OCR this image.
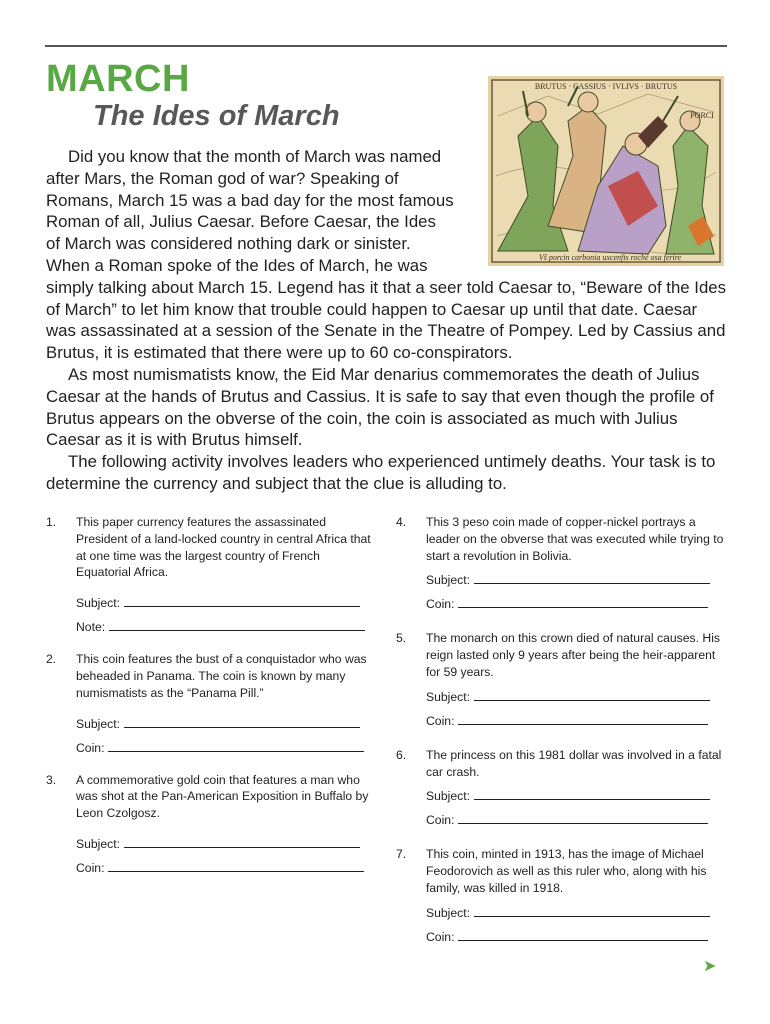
MARCH
The Ides of March
BRUTUS · CASSIUS · IVLIVS · BRUTUS
PORCI
Vš porcin carbonia uxcenfis roché osa ferire

Did you know that the month of March was named
after Mars, the Roman god of war? Speaking of
Romans, March 15 was a bad day for the most famous
Roman of all, Julius Caesar. Before Caesar, the Ides
of March was considered nothing dark or sinister.
When a Roman spoke of the Ides of March, he was
simply talking about March 15. Legend has it that a seer told Caesar to, “Beware of the Ides of March” to let him know that trouble could happen to Caesar up until that date. Caesar was assassinated at a session of the Senate in the Theatre of Pompey. Led by Cassius and Brutus, it is estimated that there were up to 60 co-conspirators.

As most numismatists know, the Eid Mar denarius commemorates the death of Julius Caesar at the hands of Brutus and Cassius. It is safe to say that even though the profile of Brutus appears on the obverse of the coin, the coin is associated as much with Julius Caesar as it is with Brutus himself.

The following activity involves leaders who experienced untimely deaths. Your task is to determine the currency and subject that the clue is alluding to.

1. This paper currency features the assassinated President of a land-locked country in central Africa that at one time was the largest country of French Equatorial Africa.

Subject:
Note:
2. This coin features the bust of a conquistador who was beheaded in Panama. The coin is known by many numismatists as the “Panama Pill.”

Subject:
Coin:
3. A commemorative gold coin that features a man who was shot at the Pan-American Exposition in Buffalo by Leon Czolgosz.

Subject:
Coin:
4. This 3 peso coin made of copper-nickel portrays a leader on the obverse that was executed while trying to start a revolution in Bolivia.

Subject:
Coin:
5. The monarch on this crown died of natural causes. His reign lasted only 9 years after being the heir-apparent for 59 years.

Subject:
Coin:
6. The princess on this 1981 dollar was involved in a fatal car crash.

Subject:
Coin:
7. This coin, minted in 1913, has the image of Michael Feodorovich as well as this ruler who, along with his family, was killed in 1918.

Subject:
Coin:
➤
